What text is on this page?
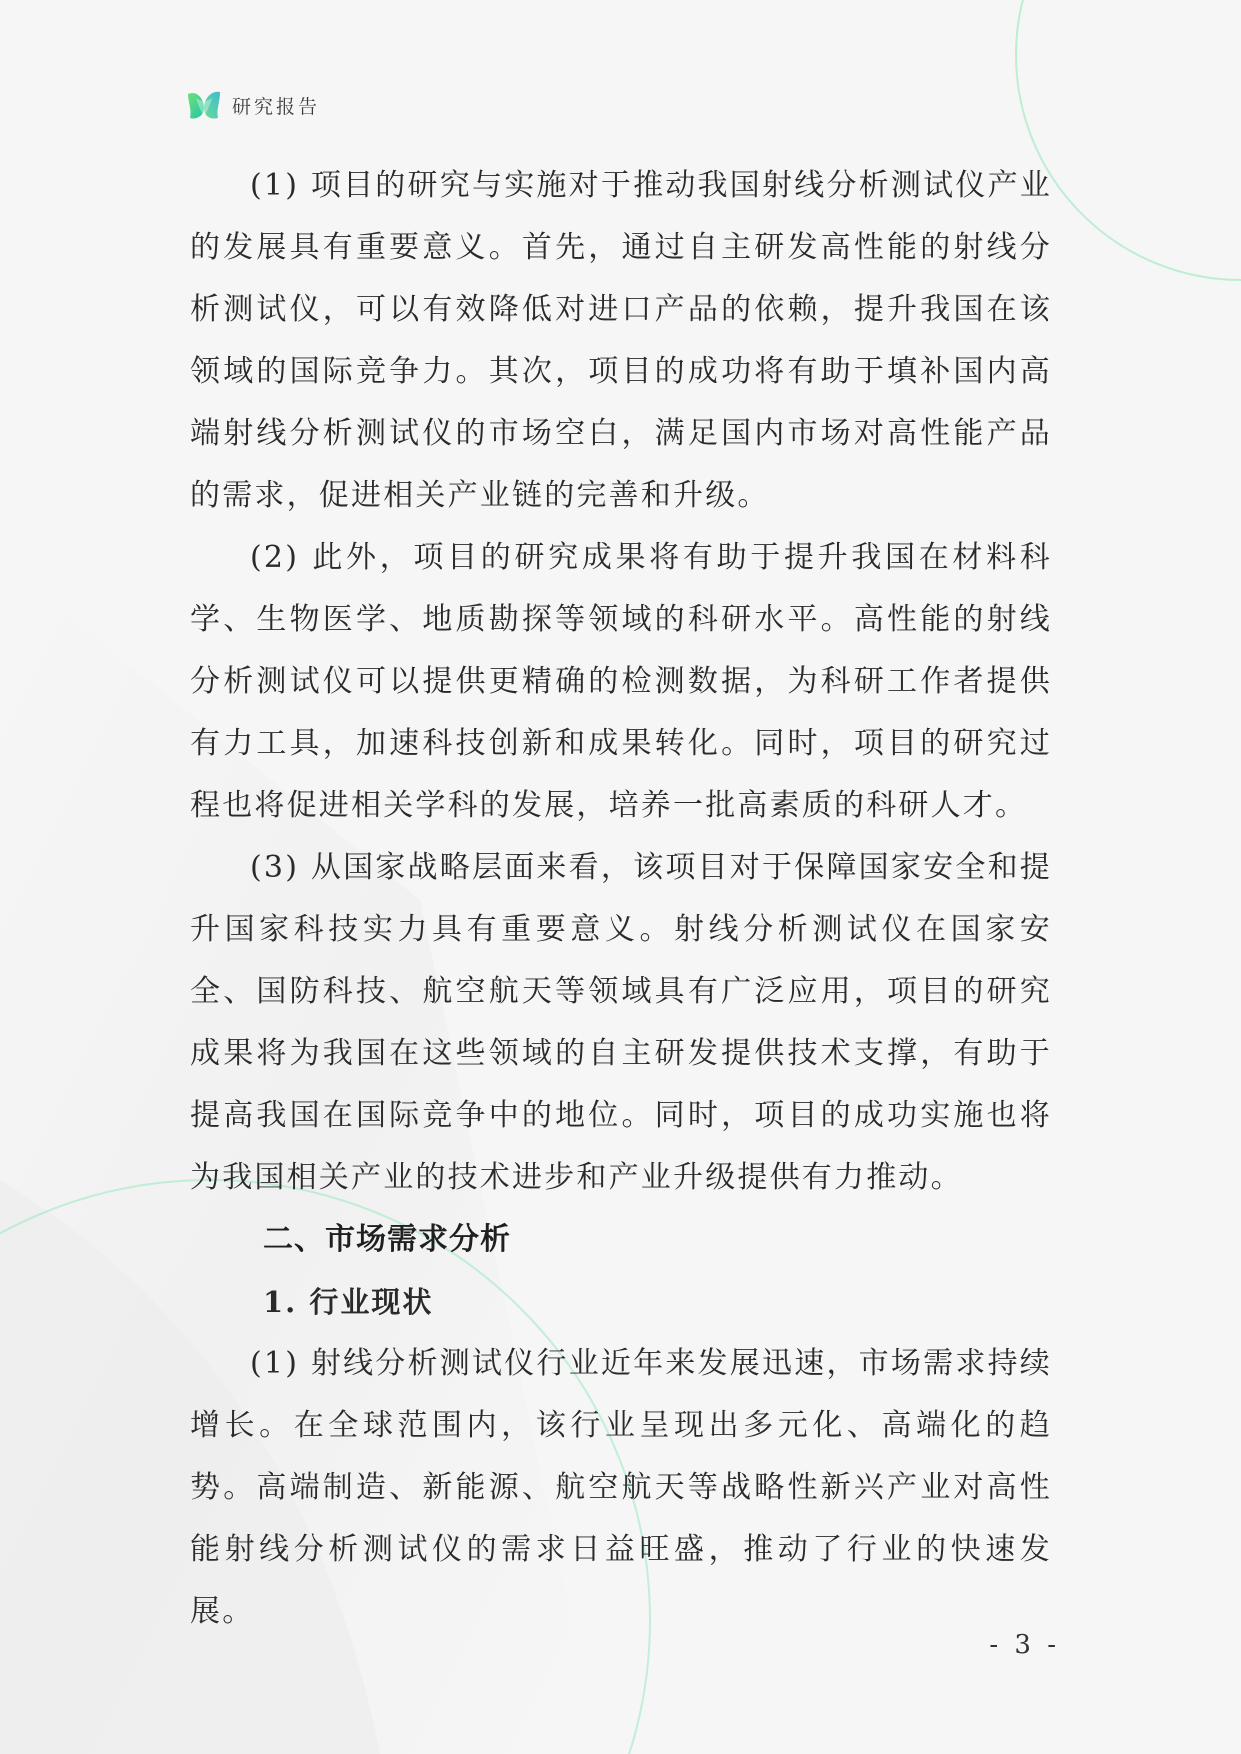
研究报告

(1) 项目的研究与实施对于推动我国射线分析测试仪产业的发展具有重要意义。首先，通过自主研发高性能的射线分析测试仪，可以有效降低对进口产品的依赖，提升我国在该领域的国际竞争力。其次，项目的成功将有助于填补国内高端射线分析测试仪的市场空白，满足国内市场对高性能产品的需求，促进相关产业链的完善和升级。

(2) 此外，项目的研究成果将有助于提升我国在材料科学、生物医学、地质勘探等领域的科研水平。高性能的射线分析测试仪可以提供更精确的检测数据，为科研工作者提供有力工具，加速科技创新和成果转化。同时，项目的研究过程也将促进相关学科的发展，培养一批高素质的科研人才。

(3) 从国家战略层面来看，该项目对于保障国家安全和提升国家科技实力具有重要意义。射线分析测试仪在国家安全、国防科技、航空航天等领域具有广泛应用，项目的研究成果将为我国在这些领域的自主研发提供技术支撑，有助于提高我国在国际竞争中的地位。同时，项目的成功实施也将为我国相关产业的技术进步和产业升级提供有力推动。

二、市场需求分析
1. 行业现状

(1) 射线分析测试仪行业近年来发展迅速，市场需求持续增长。在全球范围内，该行业呈现出多元化、高端化的趋势。高端制造、新能源、航空航天等战略性新兴产业对高性能射线分析测试仪的需求日益旺盛，推动了行业的快速发展。

- 3 -
